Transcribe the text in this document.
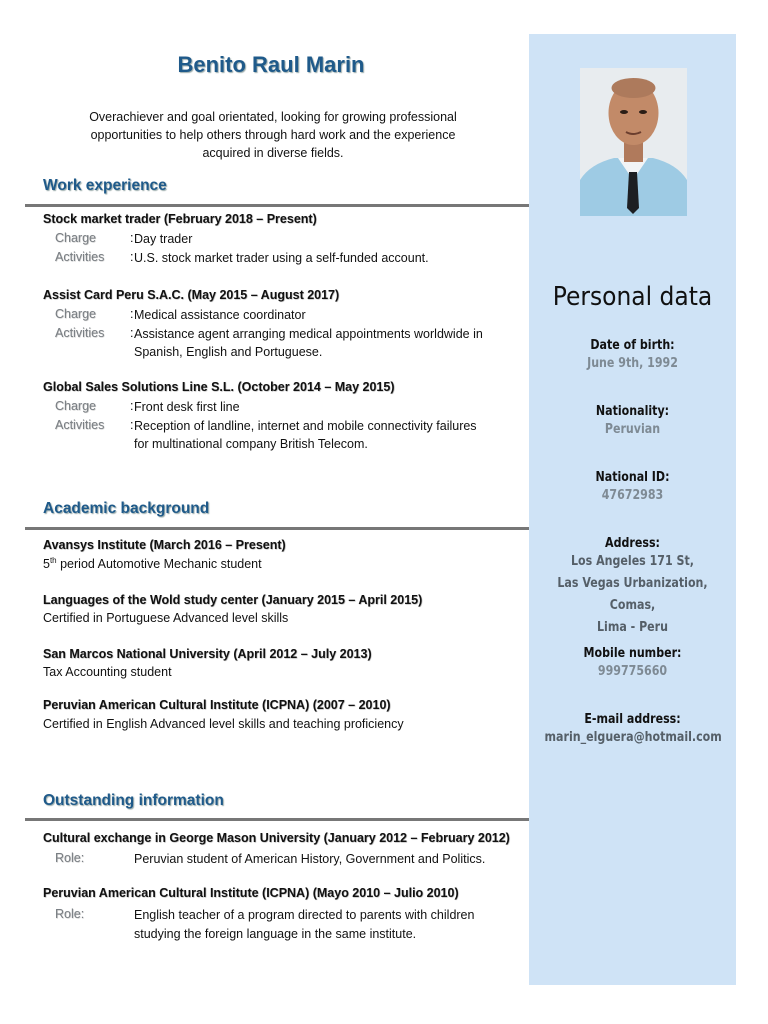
Personal data
Date of birth:
June 9th, 1992
Nationality:
Peruvian
National ID:
47672983
Address:
Los Angeles 171 St,
Las Vegas Urbanization, Comas,
Lima - Peru
Mobile number:
999775660
E-mail address:
marin_elguera@hotmail.com
Benito Raul Marin
Overachiever and goal orientated, looking for growing professional
opportunities to help others through hard work and the experience
acquired in diverse fields.
Work experience
Stock market trader (February 2018 – Present)
Charge	: Day trader
Activities : U.S. stock market trader using a self-funded account.
Assist Card Peru S.A.C. (May 2015 – August 2017)
Charge	: Medical assistance coordinator
Activities : Assistance agent arranging medical appointments worldwide in
Spanish, English and Portuguese.
Global Sales Solutions Line S.L. (October 2014 – May 2015)
Charge	: Front desk first line
Activities : Reception of landline, internet and mobile connectivity failures
for multinational company British Telecom.
Academic background
Avansys Institute (March 2016 – Present)
5th period Automotive Mechanic student
Languages of the Wold study center (January 2015 – April 2015)
Certified in Portuguese Advanced level skills
San Marcos National University (April 2012 – July 2013)
Tax Accounting student
Peruvian American Cultural Institute (ICPNA) (2007 – 2010)
Certified in English Advanced level skills and teaching proficiency
Outstanding information
Cultural exchange in George Mason University (January 2012 – February 2012)
Role:	Peruvian student of American History, Government and Politics.
Peruvian American Cultural Institute (ICPNA) (Mayo 2010 – Julio 2010)
Role:	English teacher of a program directed to parents with children
studying the foreign language in the same institute.
